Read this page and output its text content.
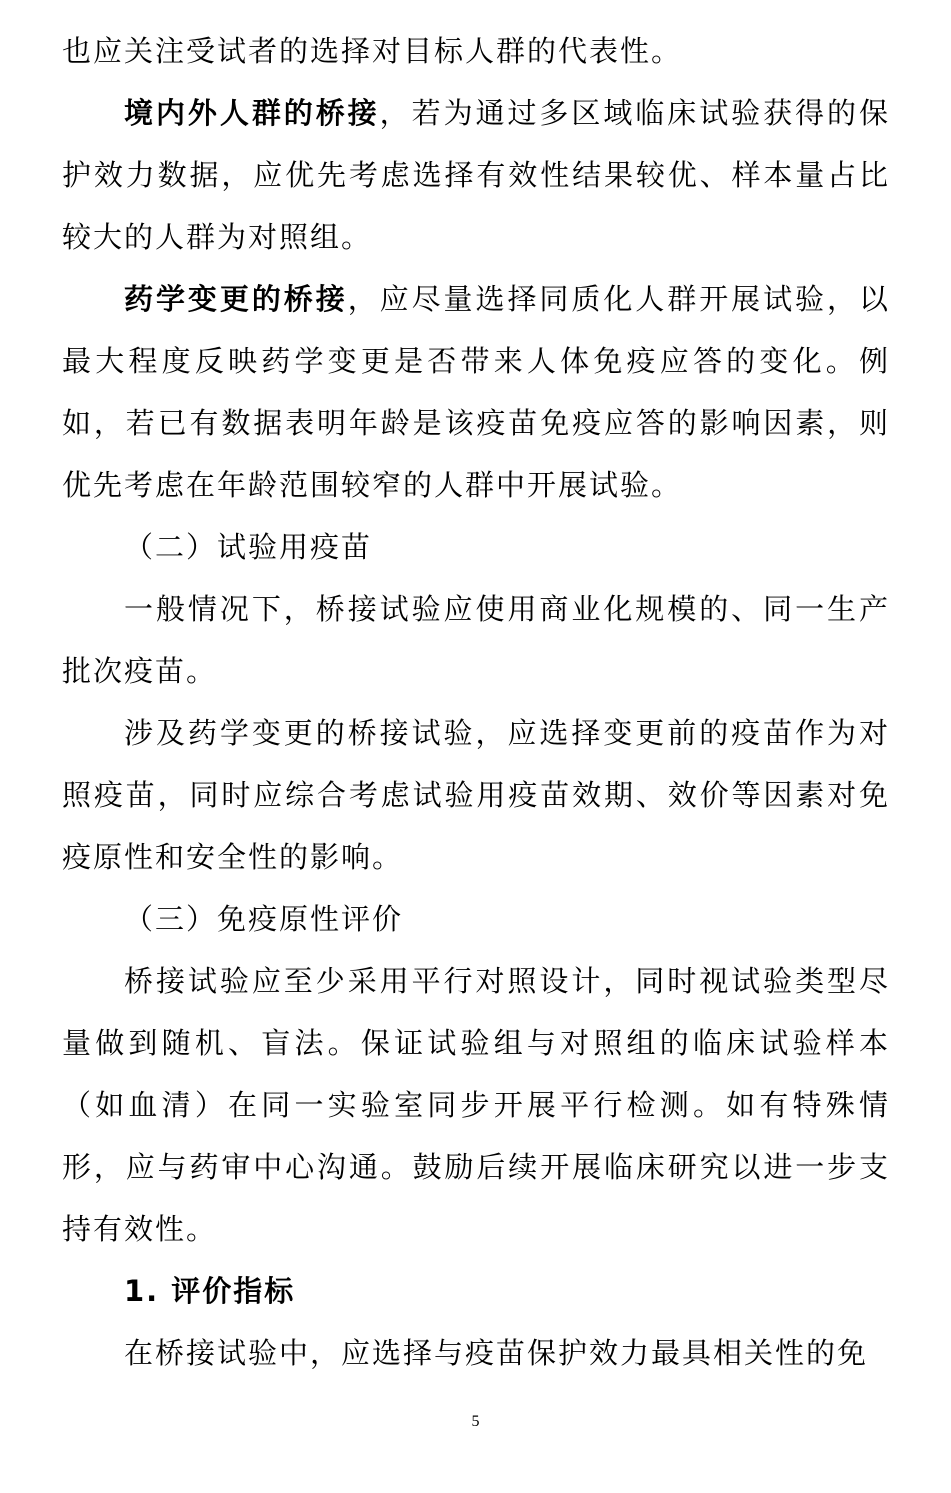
也应关注受试者的选择对目标人群的代表性。

境内外人群的桥接，若为通过多区域临床试验获得的保护效力数据，应优先考虑选择有效性结果较优、样本量占比较大的人群为对照组。

药学变更的桥接，应尽量选择同质化人群开展试验，以最大程度反映药学变更是否带来人体免疫应答的变化。例如，若已有数据表明年龄是该疫苗免疫应答的影响因素，则优先考虑在年龄范围较窄的人群中开展试验。

（二）试验用疫苗

一般情况下，桥接试验应使用商业化规模的、同一生产批次疫苗。

涉及药学变更的桥接试验，应选择变更前的疫苗作为对照疫苗，同时应综合考虑试验用疫苗效期、效价等因素对免疫原性和安全性的影响。

（三）免疫原性评价

桥接试验应至少采用平行对照设计，同时视试验类型尽量做到随机、盲法。保证试验组与对照组的临床试验样本（如血清）在同一实验室同步开展平行检测。如有特殊情形，应与药审中心沟通。鼓励后续开展临床研究以进一步支持有效性。

1. 评价指标

在桥接试验中，应选择与疫苗保护效力最具相关性的免

5
